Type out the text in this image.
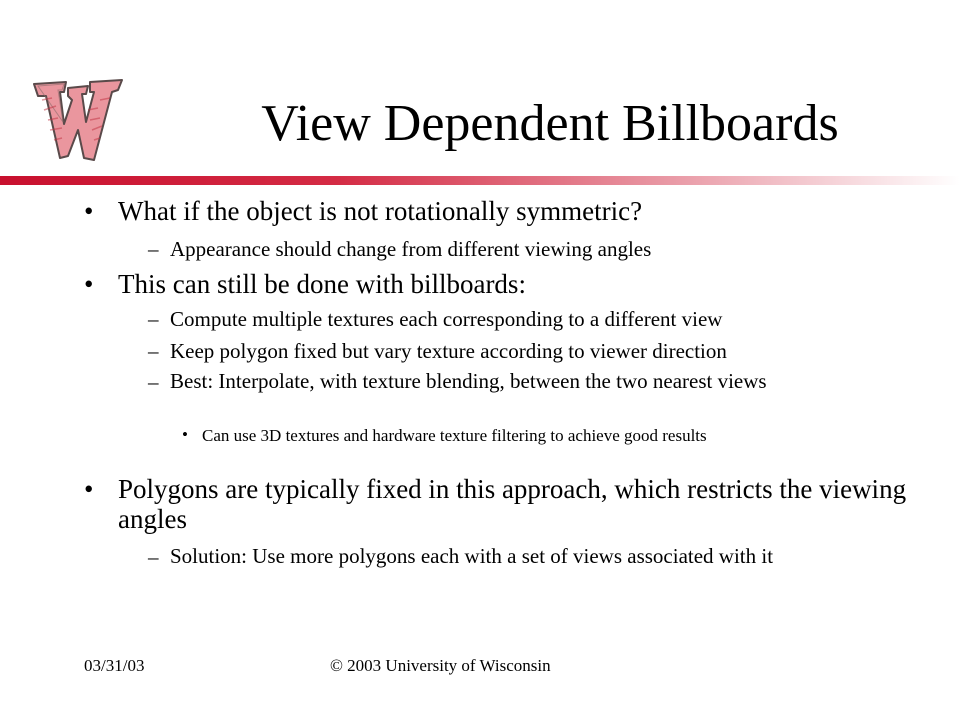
View Dependent Billboards
• What if the object is not rotationally symmetric?
– Appearance should change from different viewing angles
• This can still be done with billboards:
– Compute multiple textures each corresponding to a different view
– Keep polygon fixed but vary texture according to viewer direction
– Best: Interpolate, with texture blending, between the two nearest views
• Can use 3D textures and hardware texture filtering to achieve good results
• Polygons are typically fixed in this approach, which restricts the viewing angles
– Solution: Use more polygons each with a set of views associated with it
03/31/03	© 2003 University of Wisconsin
